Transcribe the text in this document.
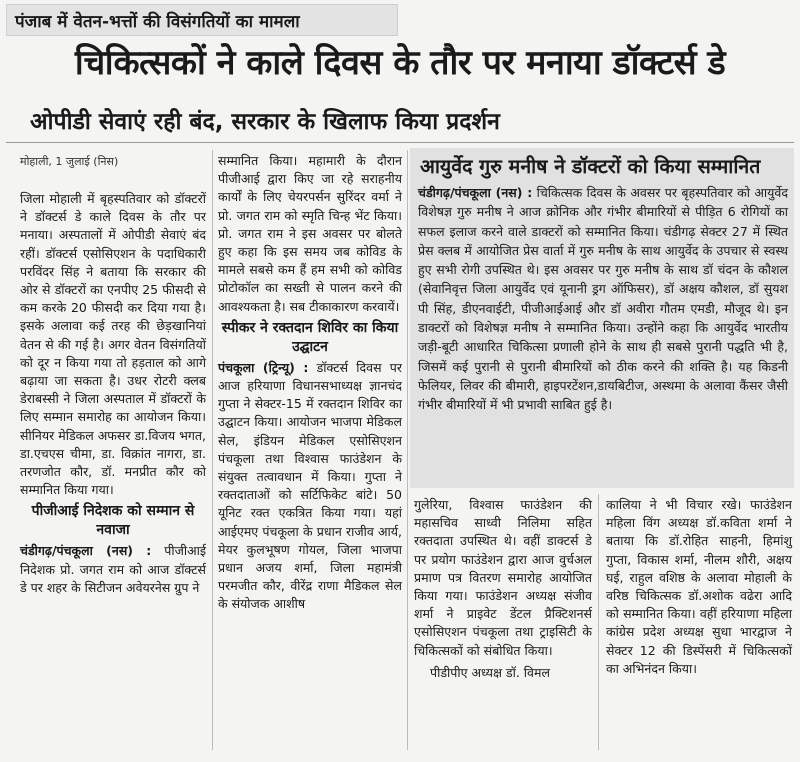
पंजाब में वेतन-भत्तों की विसंगतियों का मामला
चिकित्सकों ने काले दिवस के तौर पर मनाया डॉक्टर्स डे
ओपीडी सेवाएं रही बंद, सरकार के खिलाफ किया प्रदर्शन
मोहाली, 1 जुलाई (निस)

जिला मोहाली में बृहस्पतिवार को डॉक्टरों ने डॉक्टर्स डे काले दिवस के तौर पर मनाया। अस्पतालों में ओपीडी सेवाएं बंद रहीं। डॉक्टर्स एसोसिएशन के पदाधिकारी परविंदर सिंह ने बताया कि सरकार की ओर से डॉक्टरों का एनपीए 25 फीसदी से कम करके 20 फीसदी कर दिया गया है। इसके अलावा कई तरह की छेड़खानियां वेतन से की गई है। अगर वेतन विसंगतियों को दूर न किया गया तो हड़ताल को आगे बढ़ाया जा सकता है। उधर रोटरी क्लब डेराबस्सी ने जिला अस्पताल में डॉक्टरों के लिए सम्मान समारोह का आयोजन किया। सीनियर मेडिकल अफसर डा.विजय भगत, डा.एचएस चीमा, डा. विक्रांत नागरा, डा. तरणजोत कौर, डॉ. मनप्रीत कौर को सम्मानित किया गया।

पीजीआई निदेशक को सम्मान से नवाजा

चंडीगढ़/पंचकूला (नस) : पीजीआई निदेशक प्रो. जगत राम को आज डॉक्टर्स डे पर शहर के सिटीजन अवेयरनेस ग्रुप ने

सम्मानित किया। महामारी के दौरान पीजीआई द्वारा किए जा रहे सराहनीय कार्यों के लिए चेयरपर्सन सुरिंदर वर्मा ने प्रो. जगत राम को स्मृति चिन्ह भेंट किया। प्रो. जगत राम ने इस अवसर पर बोलते हुए कहा कि इस समय जब कोविड के मामले सबसे कम हैं हम सभी को कोविड प्रोटोकॉल का सख्ती से पालन करने की आवश्यकता है। सब टीकाकारण करवायें।

स्पीकर ने रक्तदान शिविर का किया उद्घाटन

पंचकूला (ट्रिन्यू) : डॉक्टर्स दिवस पर आज हरियाणा विधानसभाध्यक्ष ज्ञानचंद गुप्ता ने सेक्टर-15 में रक्तदान शिविर का उद्घाटन किया। आयोजन भाजपा मेडिकल सेल, इंडियन मेडिकल एसोसिएशन पंचकूला तथा विश्वास फाउंडेशन के संयुक्त तत्वावधान में किया। गुप्ता ने रक्तदाताओं को सर्टिफिकेट बांटे। 50 यूनिट रक्त एकत्रित किया गया। यहां आईएमए पंचकूला के प्रधान राजीव आर्य, मेयर कुलभूषण गोयल, जिला भाजपा प्रधान अजय शर्मा, जिला महामंत्री परमजीत कौर, वीरेंद्र राणा मैडिकल सेल के संयोजक आशीष

आयुर्वेद गुरु मनीष ने डॉक्टरों को किया सम्मानित

चंडीगढ़/पंचकूला (नस) : चिकित्सक दिवस के अवसर पर बृहस्पतिवार को आयुर्वेद विशेषज्ञ गुरु मनीष ने आज क्रोनिक और गंभीर बीमारियों से पीड़ित 6 रोगियों का सफल इलाज करने वाले डाक्टरों को सम्मानित किया। चंडीगढ़ सेक्टर 27 में स्थित प्रेस क्लब में आयोजित प्रेस वार्ता में गुरु मनीष के साथ आयुर्वेद के उपचार से स्वस्थ हुए सभी रोगी उपस्थित थे। इस अवसर पर गुरु मनीष के साथ डॉ चंदन के कौशल (सेवानिवृत्त जिला आयुर्वेद एवं यूनानी ड्रग ऑफिसर), डॉ अक्षय कौशल, डॉ सुयश पी सिंह, डीएनवाईटी, पीजीआईआई और डॉ अवीरा गौतम एमडी, मौजूद थे। इन डाक्टरों को विशेषज्ञ मनीष ने सम्मानित किया। उन्होंने कहा कि आयुर्वेद भारतीय जड़ी-बूटी आधारित चिकित्सा प्रणाली होने के साथ ही सबसे पुरानी पद्धति भी है, जिसमें कई पुरानी से पुरानी बीमारियों को ठीक करने की शक्ति है। यह किडनी फेलियर, लिवर की बीमारी, हाइपरटेंशन,डायबिटीज, अस्थमा के अलावा कैंसर जैसी गंभीर बीमारियों में भी प्रभावी साबित हुई है।

गुलेरिया, विश्वास फाउंडेशन की महासचिव साध्वी निलिमा सहित रक्तदाता उपस्थित थे। वहीं डाक्टर्स डे पर प्रयोग फाउंडेशन द्वारा आज वुर्चअल प्रमाण पत्र वितरण समारोह आयोजित किया गया। फाउंडेशन अध्यक्ष संजीव शर्मा ने प्राइवेट डेंटल प्रैक्टिशनर्स एसोसिएशन पंचकूला तथा ट्राइसिटी के चिकित्सकों को संबोधित किया।

पीडीपीए अध्यक्ष डॉ. विमल

कालिया ने भी विचार रखे। फाउंडेशन महिला विंग अध्यक्ष डॉ.कविता शर्मा ने बताया कि डॉ.रोहित साहनी, हिमांशु गुप्ता, विकास शर्मा, नीलम शौरी, अक्षय घई, राहुल वशिष्ठ के अलावा मोहाली के वरिष्ठ चिकित्सक डॉ.अशोक वढेरा आदि को सम्मानित किया। वहीं हरियाणा महिला कांग्रेस प्रदेश अध्यक्ष सुधा भारद्वाज ने सेक्टर 12 की डिस्पेंसरी में चिकित्सकों का अभिनंदन किया।
